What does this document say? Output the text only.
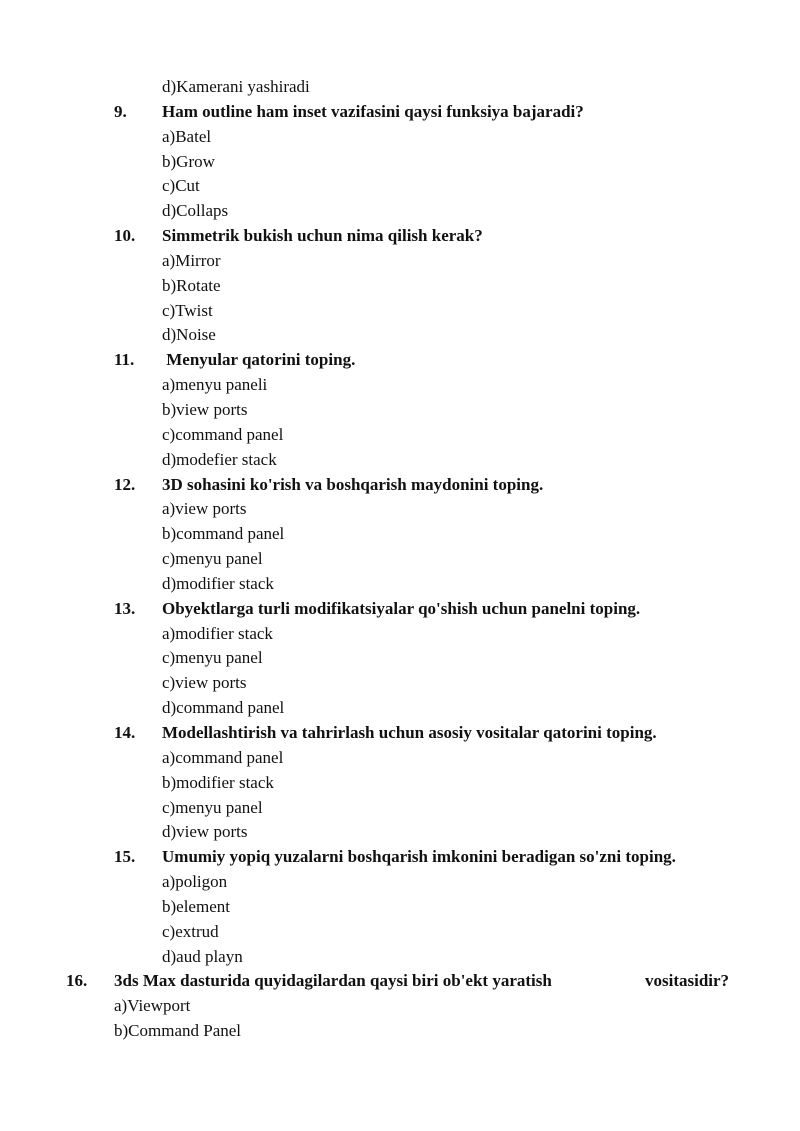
d)Kamerani yashiradi
9. Ham outline ham inset vazifasini qaysi funksiya bajaradi?
a)Batel
b)Grow
c)Cut
d)Collaps
10. Simmetrik bukish uchun nima qilish kerak?
a)Mirror
b)Rotate
c)Twist
d)Noise
11. Menyular qatorini toping.
a)menyu paneli
b)view ports
c)command panel
d)modefier stack
12. 3D sohasini ko'rish va boshqarish maydonini toping.
a)view ports
b)command panel
c)menyu panel
d)modifier stack
13. Obyektlarga turli modifikatsiyalar qo'shish uchun panelni toping.
a)modifier stack
c)menyu panel
c)view ports
d)command panel
14. Modellashtirish va tahrirlash uchun asosiy vositalar qatorini toping.
a)command panel
b)modifier stack
c)menyu panel
d)view ports
15. Umumiy yopiq yuzalarni boshqarish imkonini beradigan so'zni toping.
a)poligon
b)element
c)extrud
d)aud playn
16. 3ds Max dasturida quyidagilardan qaysi biri ob'ekt yaratish	vositasidir?
a)Viewport
b)Command Panel
